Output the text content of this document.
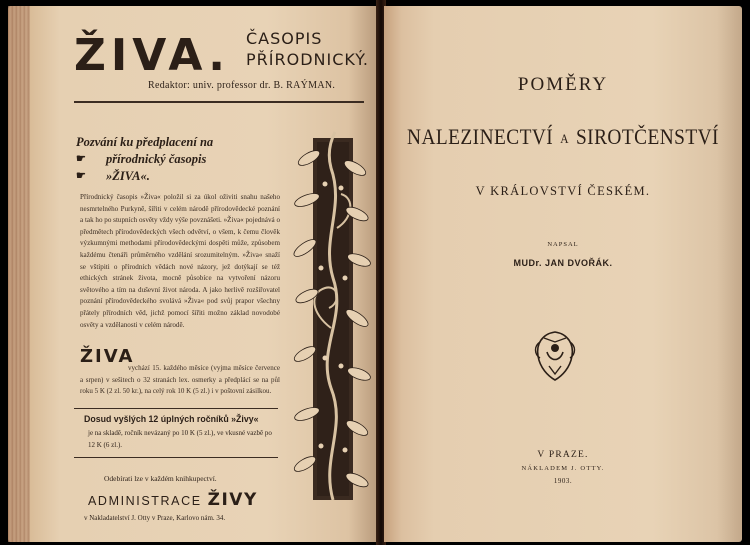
ŽIVA. ČASOPIS
PŘÍRODNICKÝ.
Redaktor: univ. professor dr. B. RAÝMAN.
Pozvání ku předplacení na
☛ přírodnický časopis
☛ »ŽIVA«.
Přírodnický časopis »Živa« položil si za úkol oživiti snahu našeho nesmrtelného Purkyně, šířiti v celém národě přírodovědecké poznání a tak ho po stupních osvěty vždy výše povznášeti. »Živa« pojednává o předmětech přírodovědeckých všech odvětví, o všem, k čemu člověk výzkumnými methodami přírodovědeckými dospěti může, způsobem každému čtenáři průměrného vzdělání srozumitelným. »Živa« snaží se vštípiti o přírodních vědách nové názory, jež dotýkají se též ethických stránek života, mocně působíce na vytvoření názoru světového a tím na duševní život národa. A jako herlivě rozšiřovatel poznání přírodovědeckého svolává »Živa« pod svůj prapor všechny přátely přírodních věd, jichž pomocí šířiti možno základ novodobé osvěty a vzdělanosti v celém národě.
ŽIVA
vychází 15. každého měsíce (vyjma měsíce července a srpen) v sešitech o 32 stranách lex. osmerky a předplácí se na půl roku 5 K (2 zl. 50 kr.), na celý rok 10 K (5 zl.) i v poštovní zásilkou.
Dosud vyšlých 12 úplných ročníků »Živy«
je na skladě, ročník nevázaný po 10 K (5 zl.), ve vkusné vazbě po 12 K (6 zl.).
Odebírati lze v každém knihkupectví.
ADMINISTRACE ŽIVY
v Nakladatelství J. Otty v Praze, Karlovo nám. 34.
POMĚRY
NALEZINECTVÍ A SIROTČENSTVÍ
V KRÁLOVSTVÍ ČESKÉM.
NAPSAL
MUDr. JAN DVOŘÁK.
V PRAZE.
NÁKLADEM J. OTTY.
1903.
